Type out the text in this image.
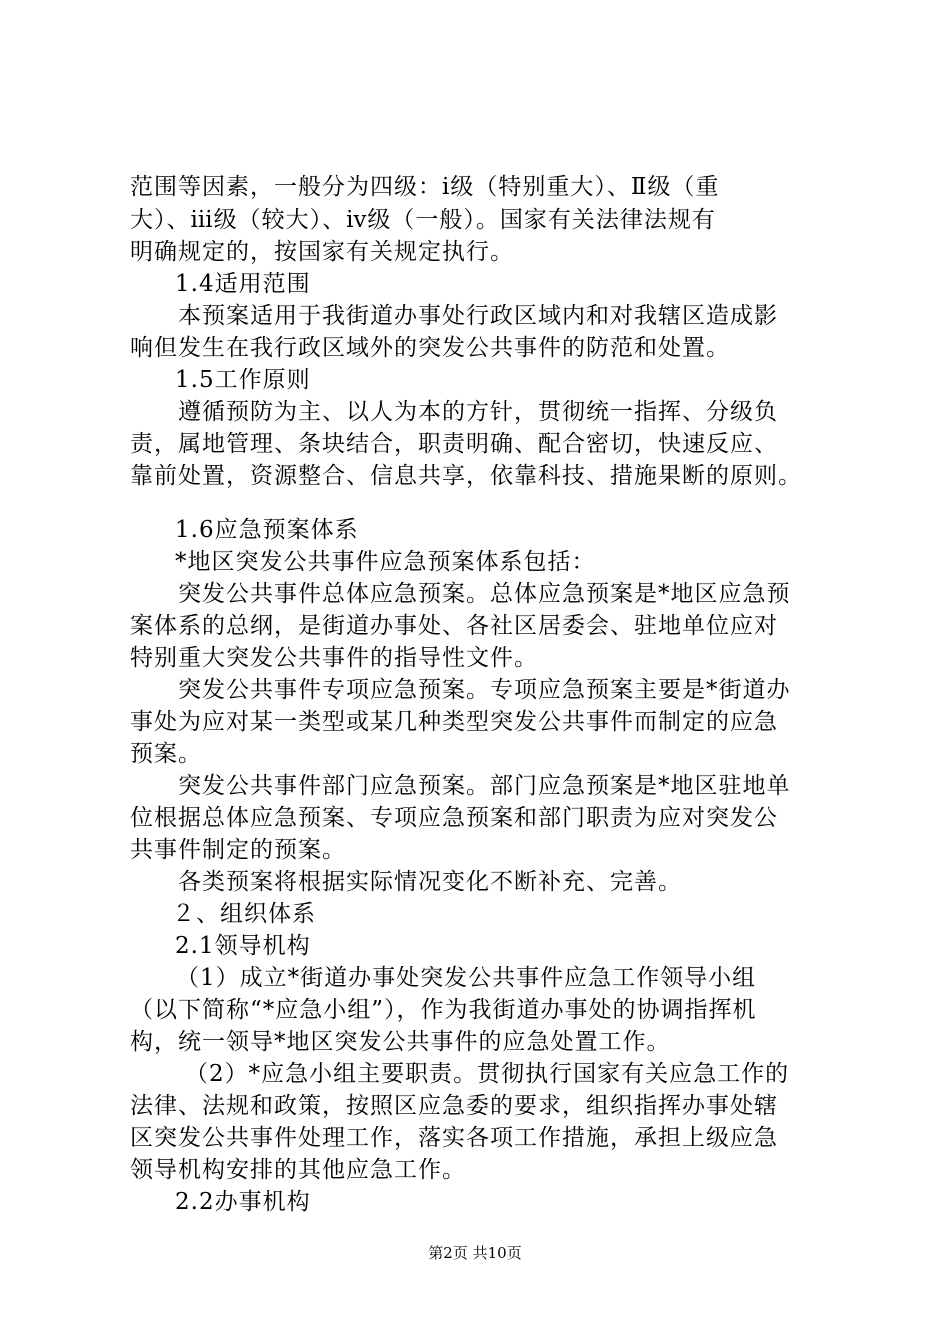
范围等因素，一般分为四级：ⅰ级（特别重大）、Ⅱ级（重
大）、ⅲ级（较大）、ⅳ级（一般）。国家有关法律法规有
明确规定的，按国家有关规定执行。
1.4适用范围
本预案适用于我街道办事处行政区域内和对我辖区造成影
响但发生在我行政区域外的突发公共事件的防范和处置。
1.5工作原则
遵循预防为主、以人为本的方针，贯彻统一指挥、分级负
责，属地管理、条块结合，职责明确、配合密切，快速反应、
靠前处置，资源整合、信息共享，依靠科技、措施果断的原则。
1.6应急预案体系
*地区突发公共事件应急预案体系包括：
突发公共事件总体应急预案。总体应急预案是*地区应急预
案体系的总纲，是街道办事处、各社区居委会、驻地单位应对
特别重大突发公共事件的指导性文件。
突发公共事件专项应急预案。专项应急预案主要是*街道办
事处为应对某一类型或某几种类型突发公共事件而制定的应急
预案。
突发公共事件部门应急预案。部门应急预案是*地区驻地单
位根据总体应急预案、专项应急预案和部门职责为应对突发公
共事件制定的预案。
各类预案将根据实际情况变化不断补充、完善。
２、组织体系
2.1领导机构
（1）成立*街道办事处突发公共事件应急工作领导小组
（以下简称“*应急小组”），作为我街道办事处的协调指挥机
构，统一领导*地区突发公共事件的应急处置工作。
（2）*应急小组主要职责。贯彻执行国家有关应急工作的
法律、法规和政策，按照区应急委的要求，组织指挥办事处辖
区突发公共事件处理工作，落实各项工作措施，承担上级应急
领导机构安排的其他应急工作。
2.2办事机构
第2页 共10页
